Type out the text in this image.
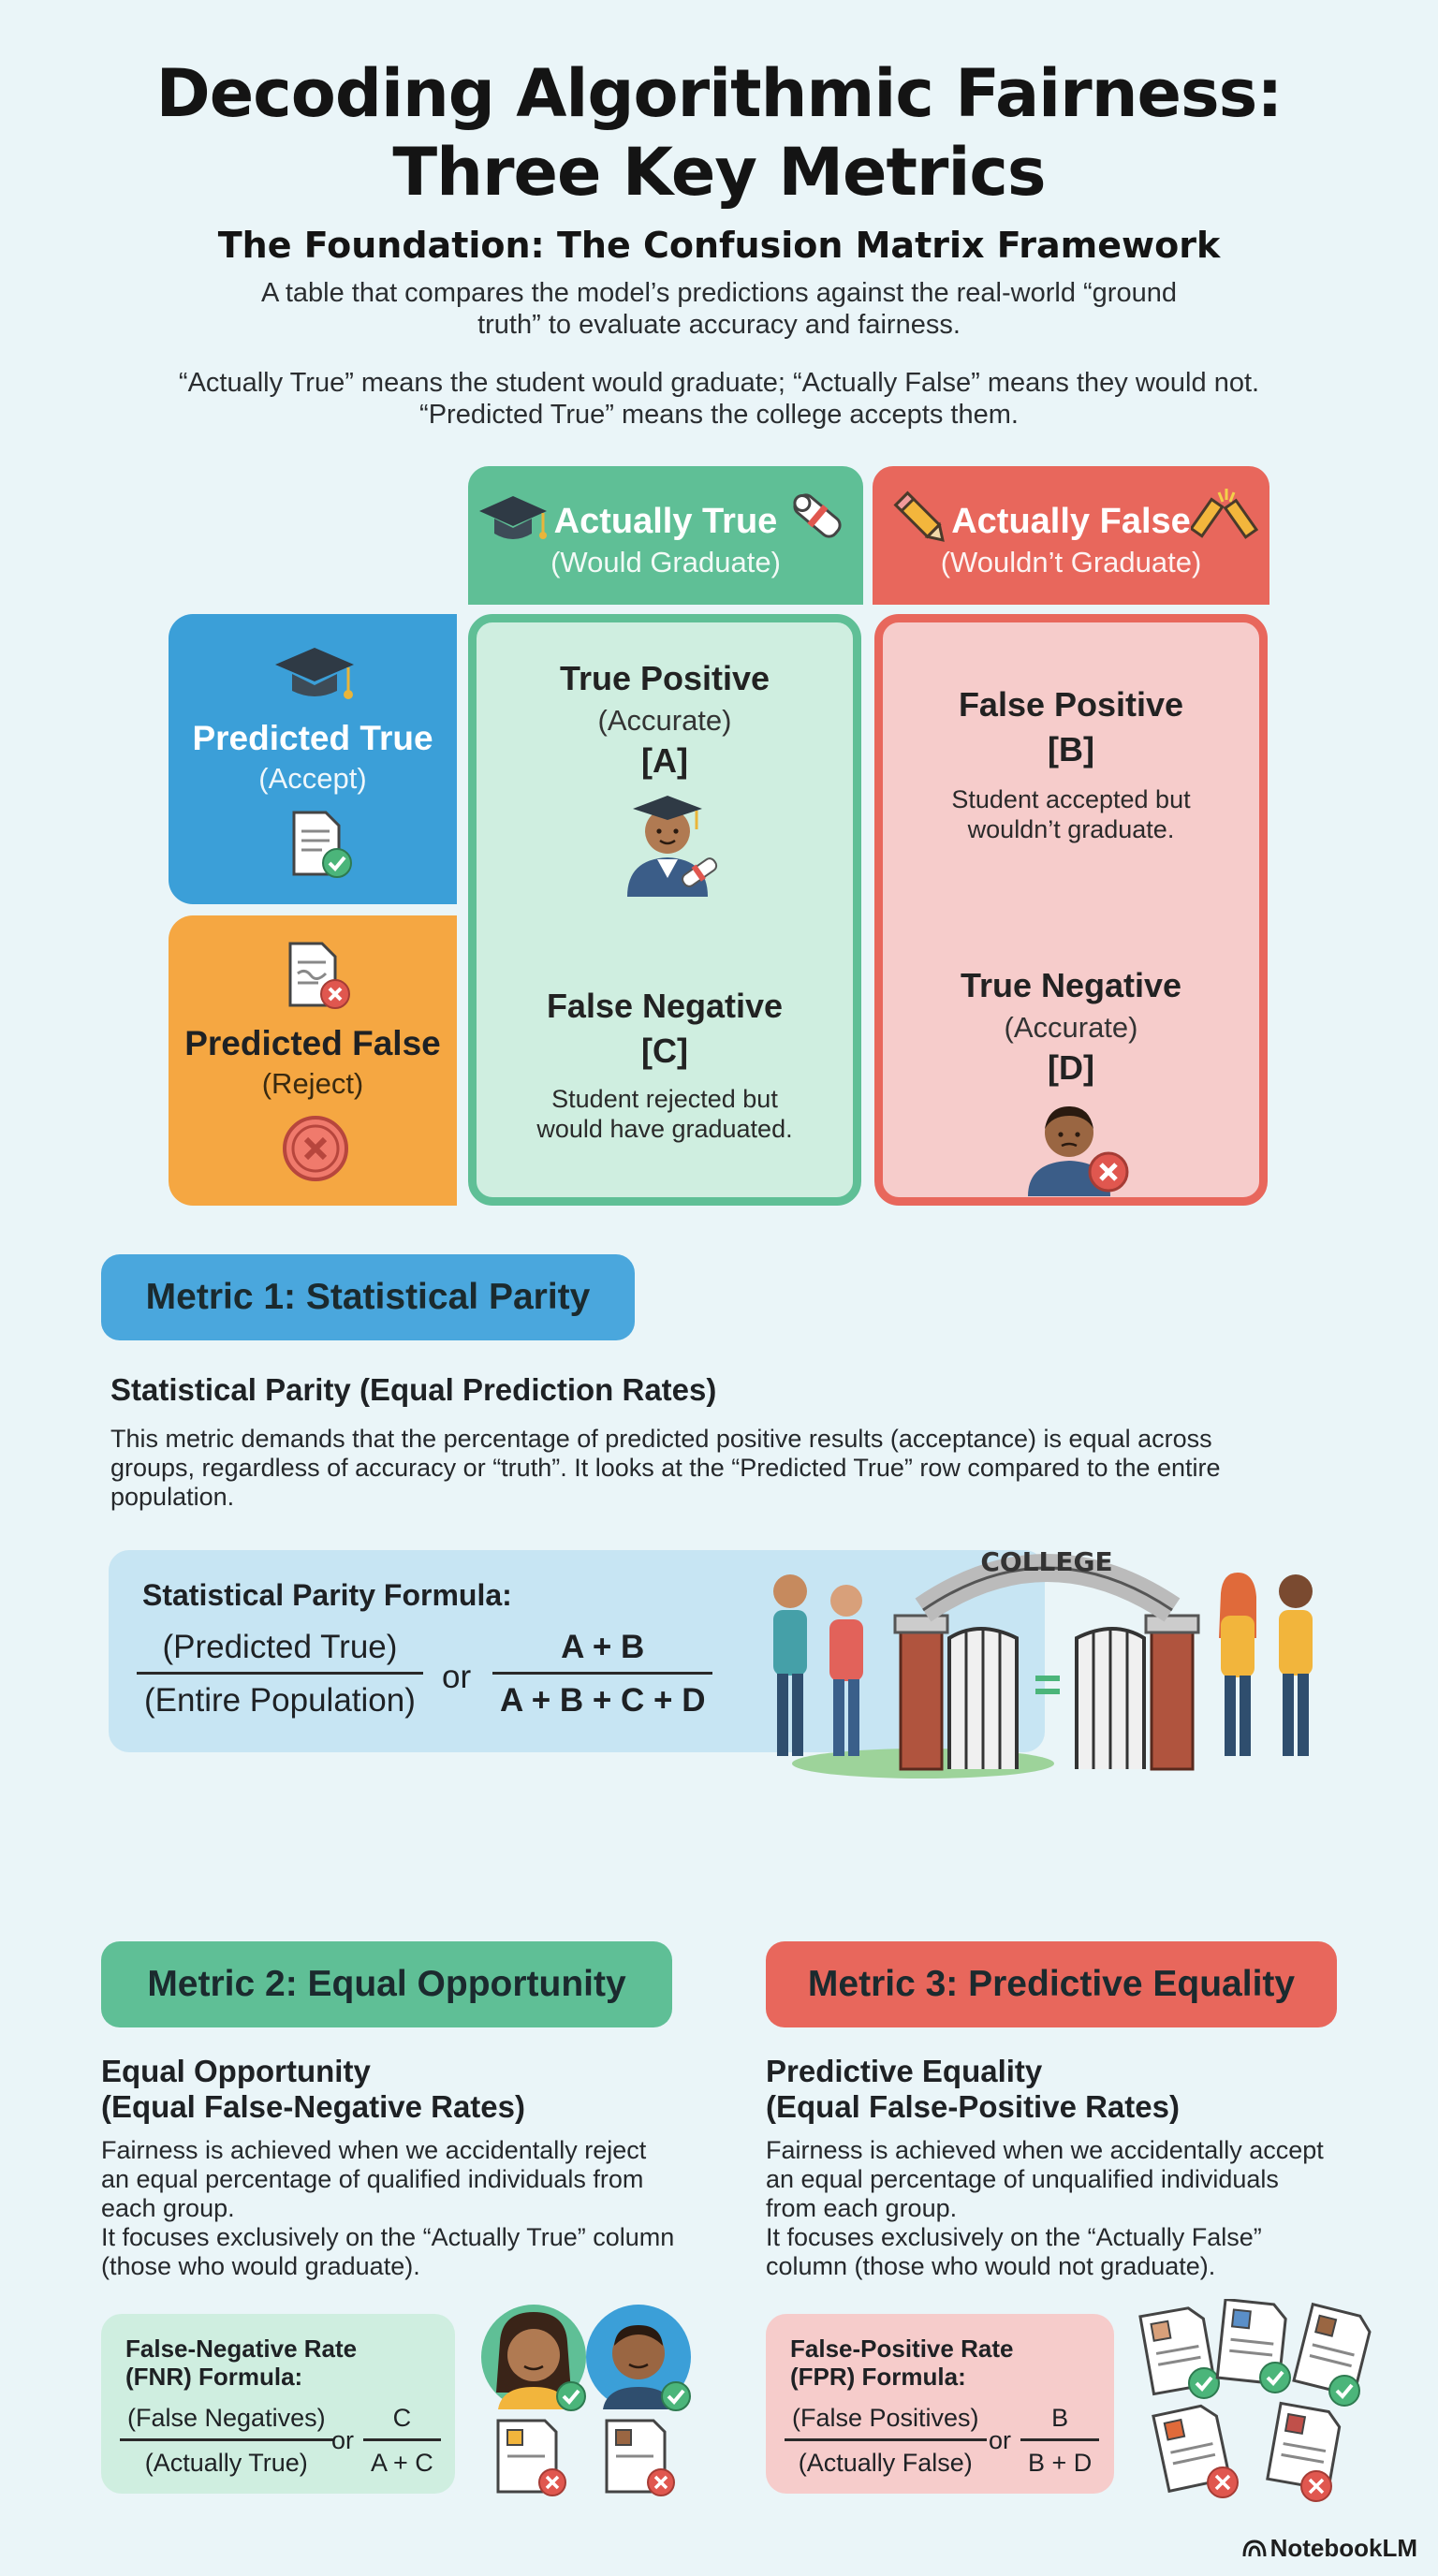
Decoding Algorithmic Fairness:
Three Key Metrics
The Foundation: The Confusion Matrix Framework
A table that compares the model’s predictions against the real-world “ground
truth” to evaluate accuracy and fairness.
“Actually True” means the student would graduate; “Actually False” means they would not.
“Predicted True” means the college accepts them.
Actually True
(Would Graduate)
Actually False
(Wouldn’t Graduate)
Predicted True
(Accept)
Predicted False
(Reject)
True Positive
(Accurate)
[A]
False Negative
[C]
Student rejected but
would have graduated.
False Positive
[B]
Student accepted but
wouldn’t graduate.
True Negative
(Accurate)
[D]
Metric 1: Statistical Parity
Statistical Parity (Equal Prediction Rates)
This metric demands that the percentage of predicted positive results (acceptance) is equal across
groups, regardless of accuracy or “truth”. It looks at the “Predicted True” row compared to the entire
population.
Statistical Parity Formula:
$\frac{\text{(Predicted True)}}{\text{(Entire Population)}}$ or $\frac{A + B}{A + B + C + D}$
COLLEGE
Metric 2: Equal Opportunity
Equal Opportunity
(Equal False-Negative Rates)
Fairness is achieved when we accidentally reject
an equal percentage of qualified individuals from
each group.
It focuses exclusively on the “Actually True” column
(those who would graduate).
False-Negative Rate
(FNR) Formula:
$\frac{\text{(False Negatives)}}{\text{(Actually True)}}$
or $\frac{C}{A + C}$
Metric 3: Predictive Equality
Predictive Equality
(Equal False-Positive Rates)
Fairness is achieved when we accidentally accept
an equal percentage of unqualified individuals
from each group.
It focuses exclusively on the “Actually False”
column (those who would not graduate).
False-Positive Rate
(FPR) Formula:
$\frac{\text{(False Positives)}}{\text{(Actually False)}}$ or $\frac{B}{B + D}$
NotebookLM
